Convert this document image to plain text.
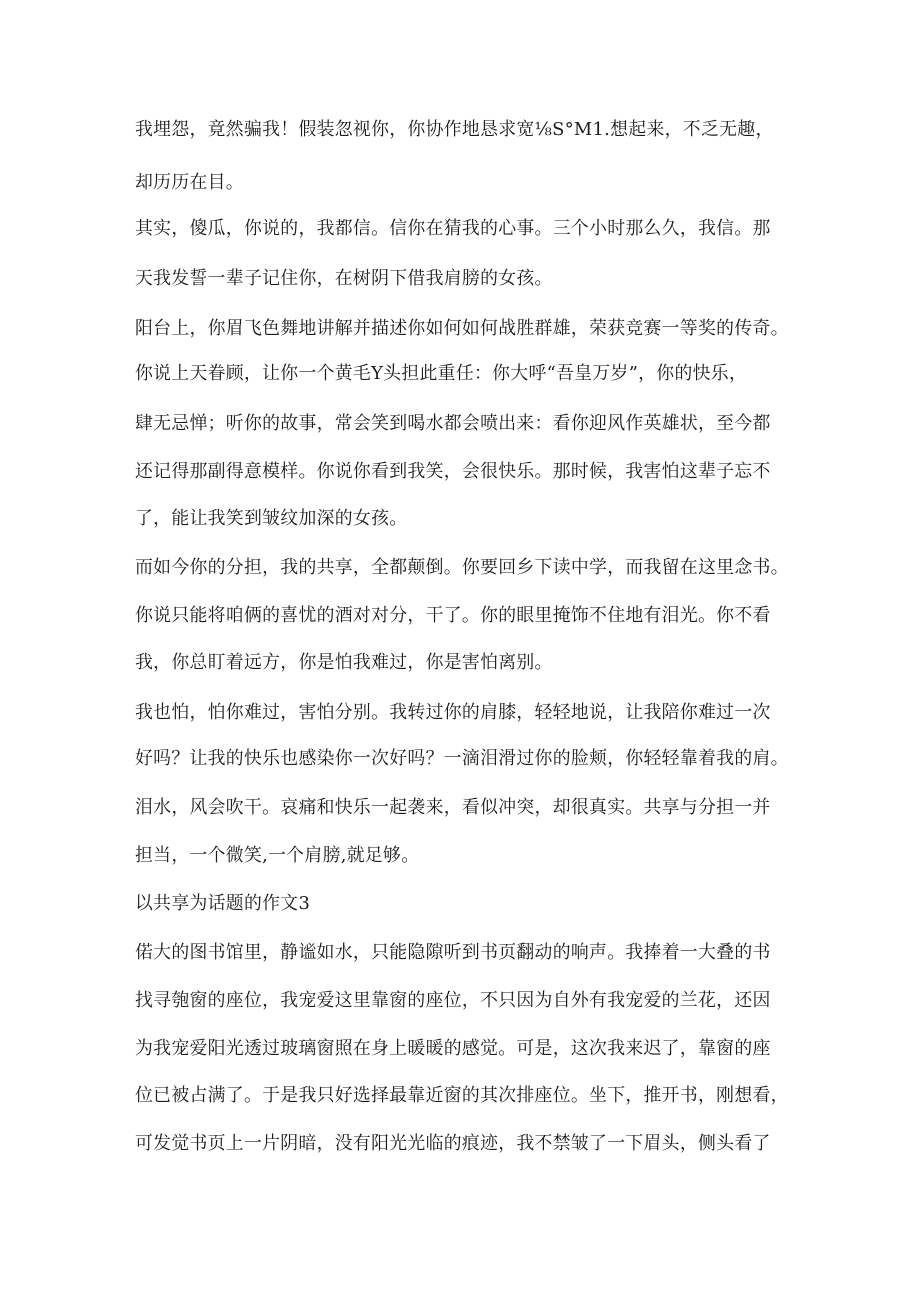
我埋怨，竟然骗我！假装忽视你，你协作地恳求宽⅛S°M1.想起来，不乏无趣，
却历历在目。
其实，傻瓜，你说的，我都信。信你在猜我的心事。三个小时那么久，我信。那
天我发誓一辈子记住你，在树阴下借我肩膀的女孩。
阳台上，你眉飞色舞地讲解并描述你如何如何战胜群雄，荣获竞赛一等奖的传奇。
你说上天眷顾，让你一个黄毛Y头担此重任：你大呼“吾皇万岁”，你的快乐，
肆无忌惮；听你的故事，常会笑到喝水都会喷出来：看你迎风作英雄状，至今都
还记得那副得意模样。你说你看到我笑，会很快乐。那时候，我害怕这辈子忘不
了，能让我笑到皱纹加深的女孩。
而如今你的分担，我的共享，全都颠倒。你要回乡下读中学，而我留在这里念书。
你说只能将咱俩的喜忧的酒对对分，干了。你的眼里掩饰不住地有泪光。你不看
我，你总盯着远方，你是怕我难过，你是害怕离别。
我也怕，怕你难过，害怕分别。我转过你的肩膝，轻轻地说，让我陪你难过一次
好吗？让我的快乐也感染你一次好吗？一滴泪滑过你的脸颊，你轻轻靠着我的肩。
泪水，风会吹干。哀痛和快乐一起袭来，看似冲突，却很真实。共享与分担一并
担当，一个微笑,一个肩膀,就足够。
以共享为话题的作文3
偌大的图书馆里，静谧如水，只能隐隙听到书页翻动的响声。我捧着一大叠的书
找寻匏窗的座位，我宠爱这里靠窗的座位，不只因为自外有我宠爱的兰花，还因
为我宠爱阳光透过玻璃窗照在身上暖暖的感觉。可是，这次我来迟了，靠窗的座
位已被占满了。于是我只好选择最靠近窗的其次排座位。坐下，推开书，刚想看，
可发觉书页上一片阴暗，没有阳光光临的痕迹，我不禁皱了一下眉头，侧头看了
